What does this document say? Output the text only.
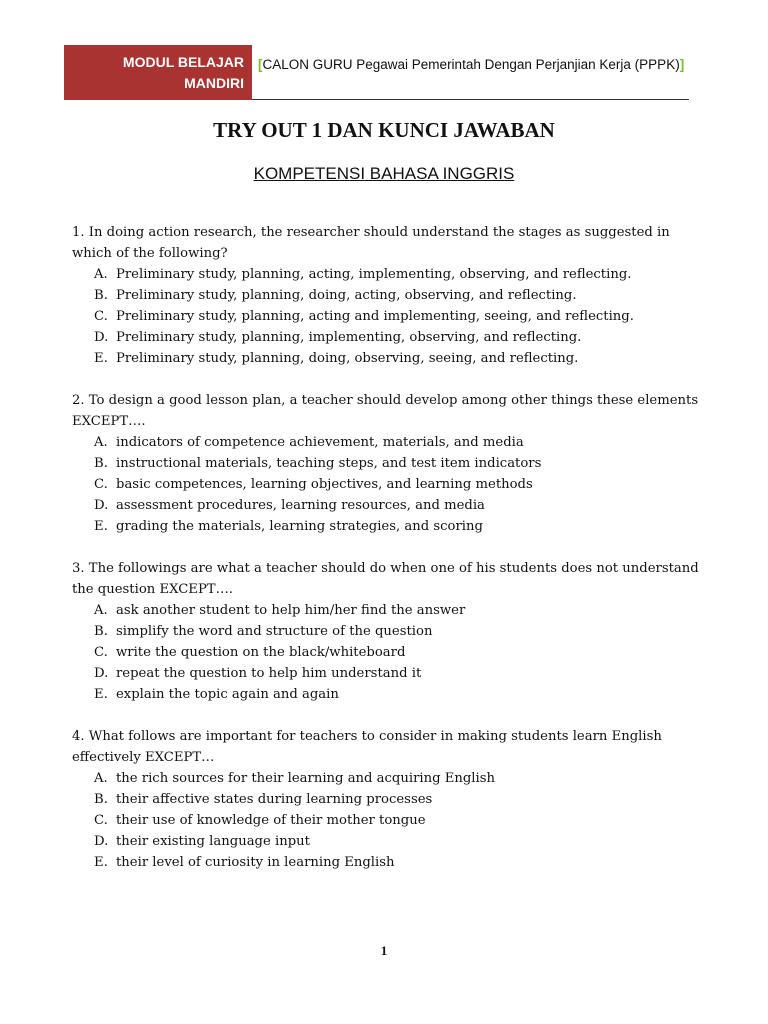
MODUL BELAJAR
MANDIRI
[CALON GURU Pegawai Pemerintah Dengan Perjanjian Kerja (PPPK)]
TRY OUT 1 DAN KUNCI JAWABAN
KOMPETENSI BAHASA INGGRIS

1. In doing action research, the researcher should understand the stages as suggested in which of the following?

A. Preliminary study, planning, acting, implementing, observing, and reflecting.
B. Preliminary study, planning, doing, acting, observing, and reflecting.
C. Preliminary study, planning, acting and implementing, seeing, and reflecting.
D. Preliminary study, planning, implementing, observing, and reflecting.
E. Preliminary study, planning, doing, observing, seeing, and reflecting.

2. To design a good lesson plan, a teacher should develop among other things these elements EXCEPT….

A. indicators of competence achievement, materials, and media
B. instructional materials, teaching steps, and test item indicators
C. basic competences, learning objectives, and learning methods
D. assessment procedures, learning resources, and media
E. grading the materials, learning strategies, and scoring

3. The followings are what a teacher should do when one of his students does not understand the question EXCEPT….

A. ask another student to help him/her find the answer
B. simplify the word and structure of the question
C. write the question on the black/whiteboard
D. repeat the question to help him understand it
E. explain the topic again and again

4. What follows are important for teachers to consider in making students learn English effectively EXCEPT…

A. the rich sources for their learning and acquiring English
B. their affective states during learning processes
C. their use of knowledge of their mother tongue
D. their existing language input
E. their level of curiosity in learning English
1
